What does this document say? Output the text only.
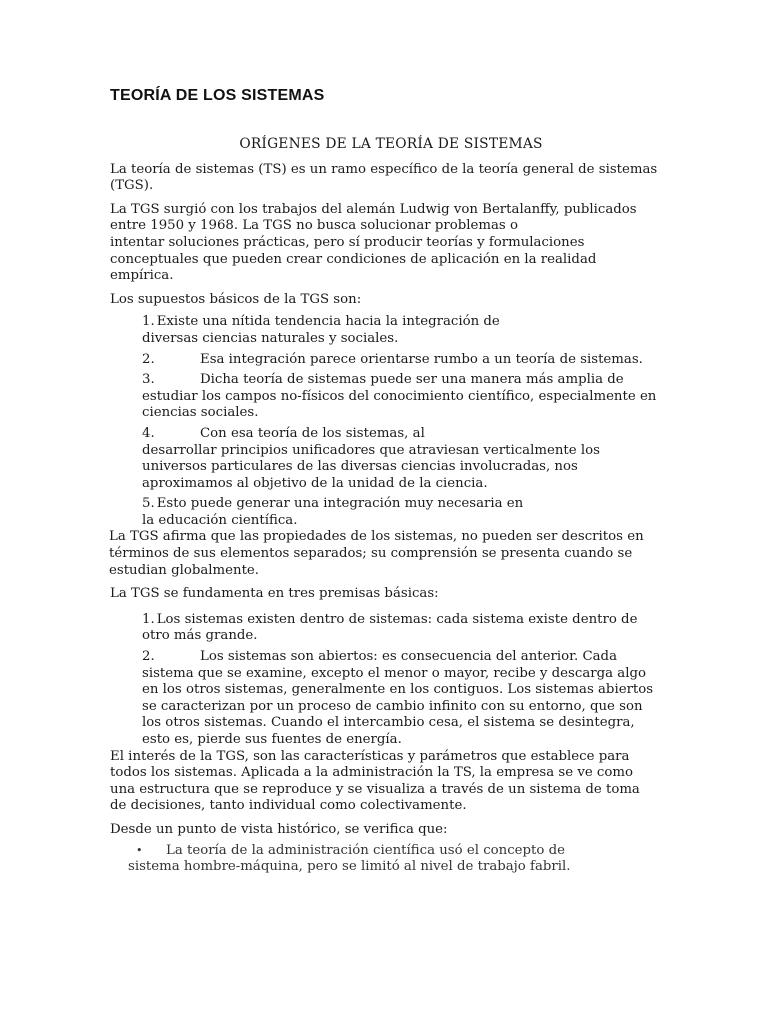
TEORÍA DE LOS SISTEMAS
ORÍGENES DE LA TEORÍA DE SISTEMAS

La teoría de sistemas (TS) es un ramo específico de la teoría general de sistemas (TGS).

La TGS surgió con los trabajos del alemán Ludwig von Bertalanffy, publicados entre 1950 y 1968. La TGS no busca solucionar problemas o
intentar soluciones prácticas, pero sí producir teorías y formulaciones conceptuales que pueden crear condiciones de aplicación en la realidad empírica.

Los supuestos básicos de la TGS son:

1. Existe una nítida tendencia hacia la integración de
diversas ciencias naturales y sociales.
2.	Esa integración parece orientarse rumbo a un teoría de sistemas.
3.	Dicha teoría de sistemas puede ser una manera más amplia de estudiar los campos no-físicos del conocimiento científico, especialmente en ciencias sociales.
4.	Con esa teoría de los sistemas, al
desarrollar principios unificadores que atraviesan verticalmente los universos particulares de las diversas ciencias involucradas, nos aproximamos al objetivo de la unidad de la ciencia.
5. Esto puede generar una integración muy necesaria en
la educación científica.

La TGS afirma que las propiedades de los sistemas, no pueden ser descritos en términos de sus elementos separados; su comprensión se presenta cuando se estudian globalmente.

La TGS se fundamenta en tres premisas básicas:

1. Los sistemas existen dentro de sistemas: cada sistema existe dentro de otro más grande.
2.	Los sistemas son abiertos: es consecuencia del anterior. Cada sistema que se examine, excepto el menor o mayor, recibe y descarga algo en los otros sistemas, generalmente en los contiguos. Los sistemas abiertos se caracterizan por un proceso de cambio infinito con su entorno, que son los otros sistemas. Cuando el intercambio cesa, el sistema se desintegra, esto es, pierde sus fuentes de energía.

El interés de la TGS, son las características y parámetros que establece para todos los sistemas. Aplicada a la administración la TS, la empresa se ve como una estructura que se reproduce y se visualiza a través de un sistema de toma de decisiones, tanto individual como colectivamente.

Desde un punto de vista histórico, se verifica que:

• La teoría de la administración científica usó el concepto de
sistema hombre-máquina, pero se limitó al nivel de trabajo fabril.
